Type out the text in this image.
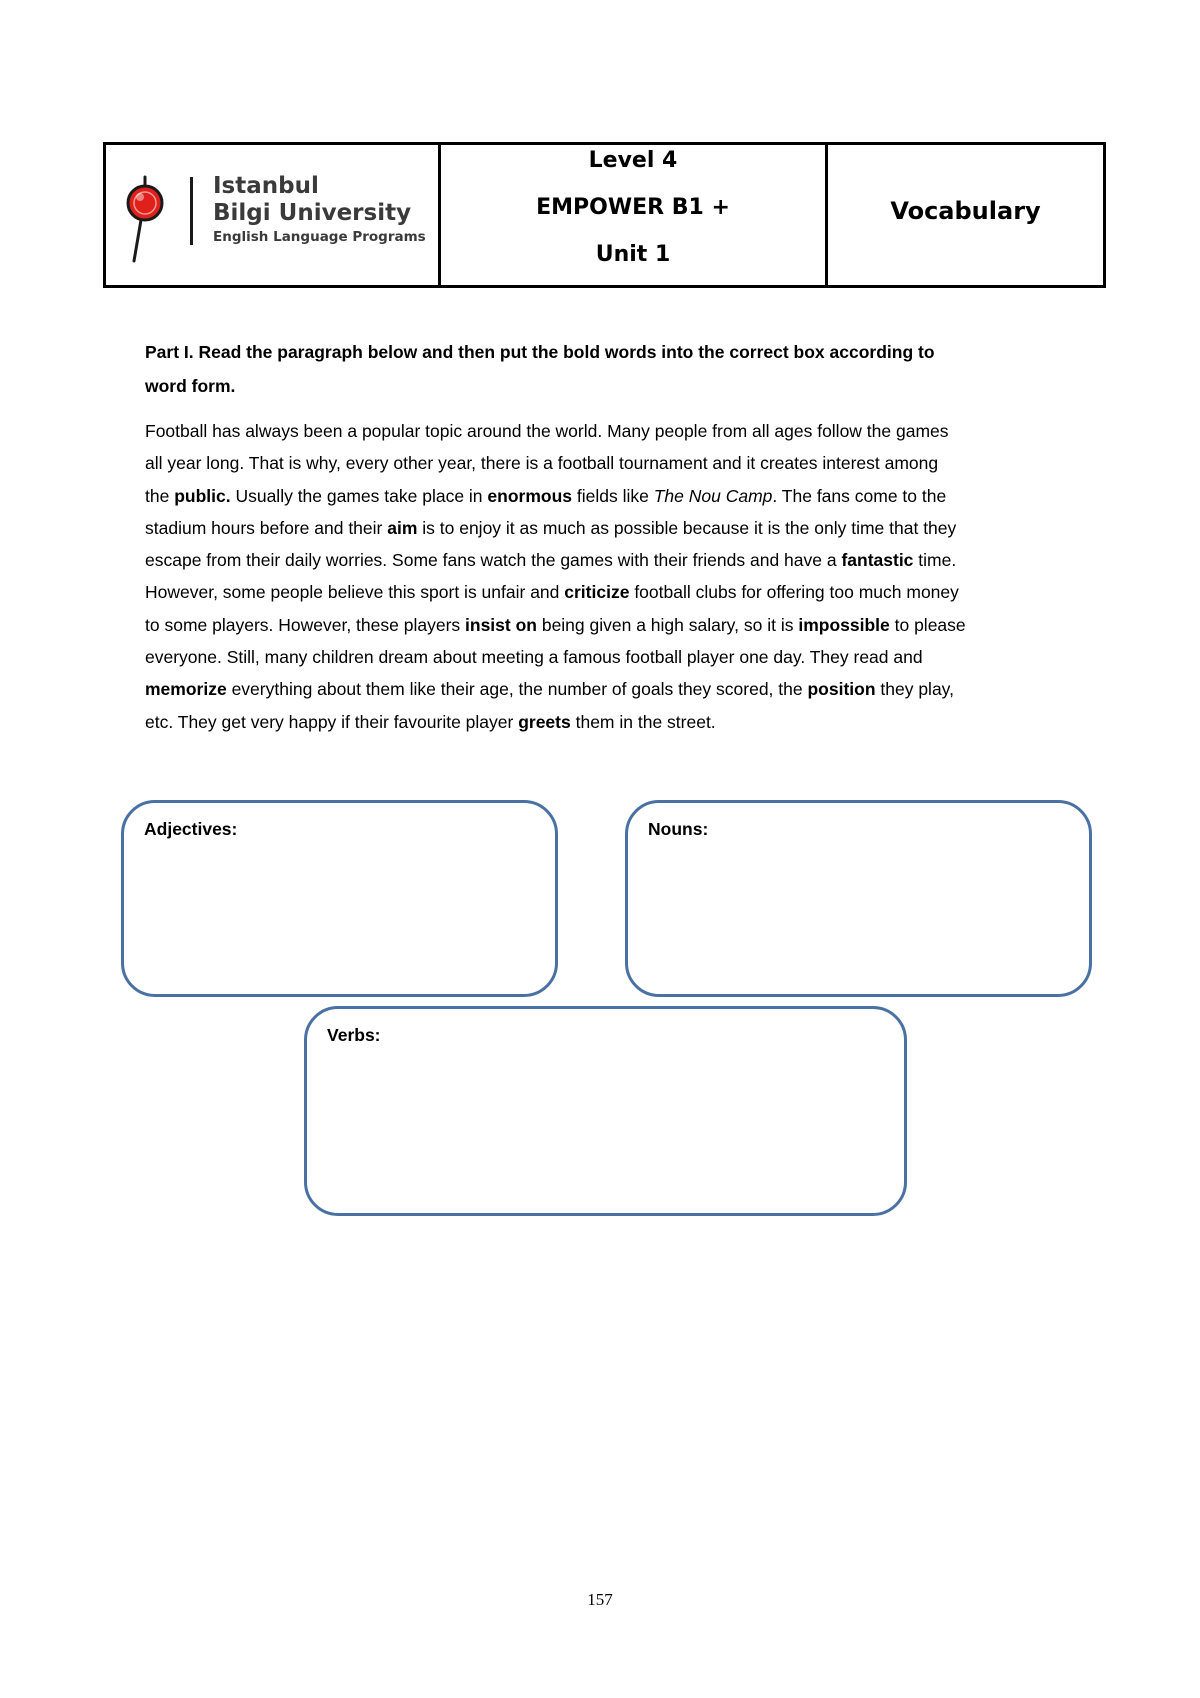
Istanbul
Bilgi University
English Language Programs
Level 4
EMPOWER B1 +
Unit 1
Vocabulary

Part I. Read the paragraph below and then put the bold words into the correct box according to
word form.

Football has always been a popular topic around the world. Many people from all ages follow the games
all year long. That is why, every other year, there is a football tournament and it creates interest among
the public. Usually the games take place in enormous fields like The Nou Camp. The fans come to the
stadium hours before and their aim is to enjoy it as much as possible because it is the only time that they
escape from their daily worries. Some fans watch the games with their friends and have a fantastic time.
However, some people believe this sport is unfair and criticize football clubs for offering too much money
to some players. However, these players insist on being given a high salary, so it is impossible to please
everyone. Still, many children dream about meeting a famous football player one day. They read and
memorize everything about them like their age, the number of goals they scored, the position they play,
etc. They get very happy if their favourite player greets them in the street.

Adjectives:	Nouns:
Verbs:
157
